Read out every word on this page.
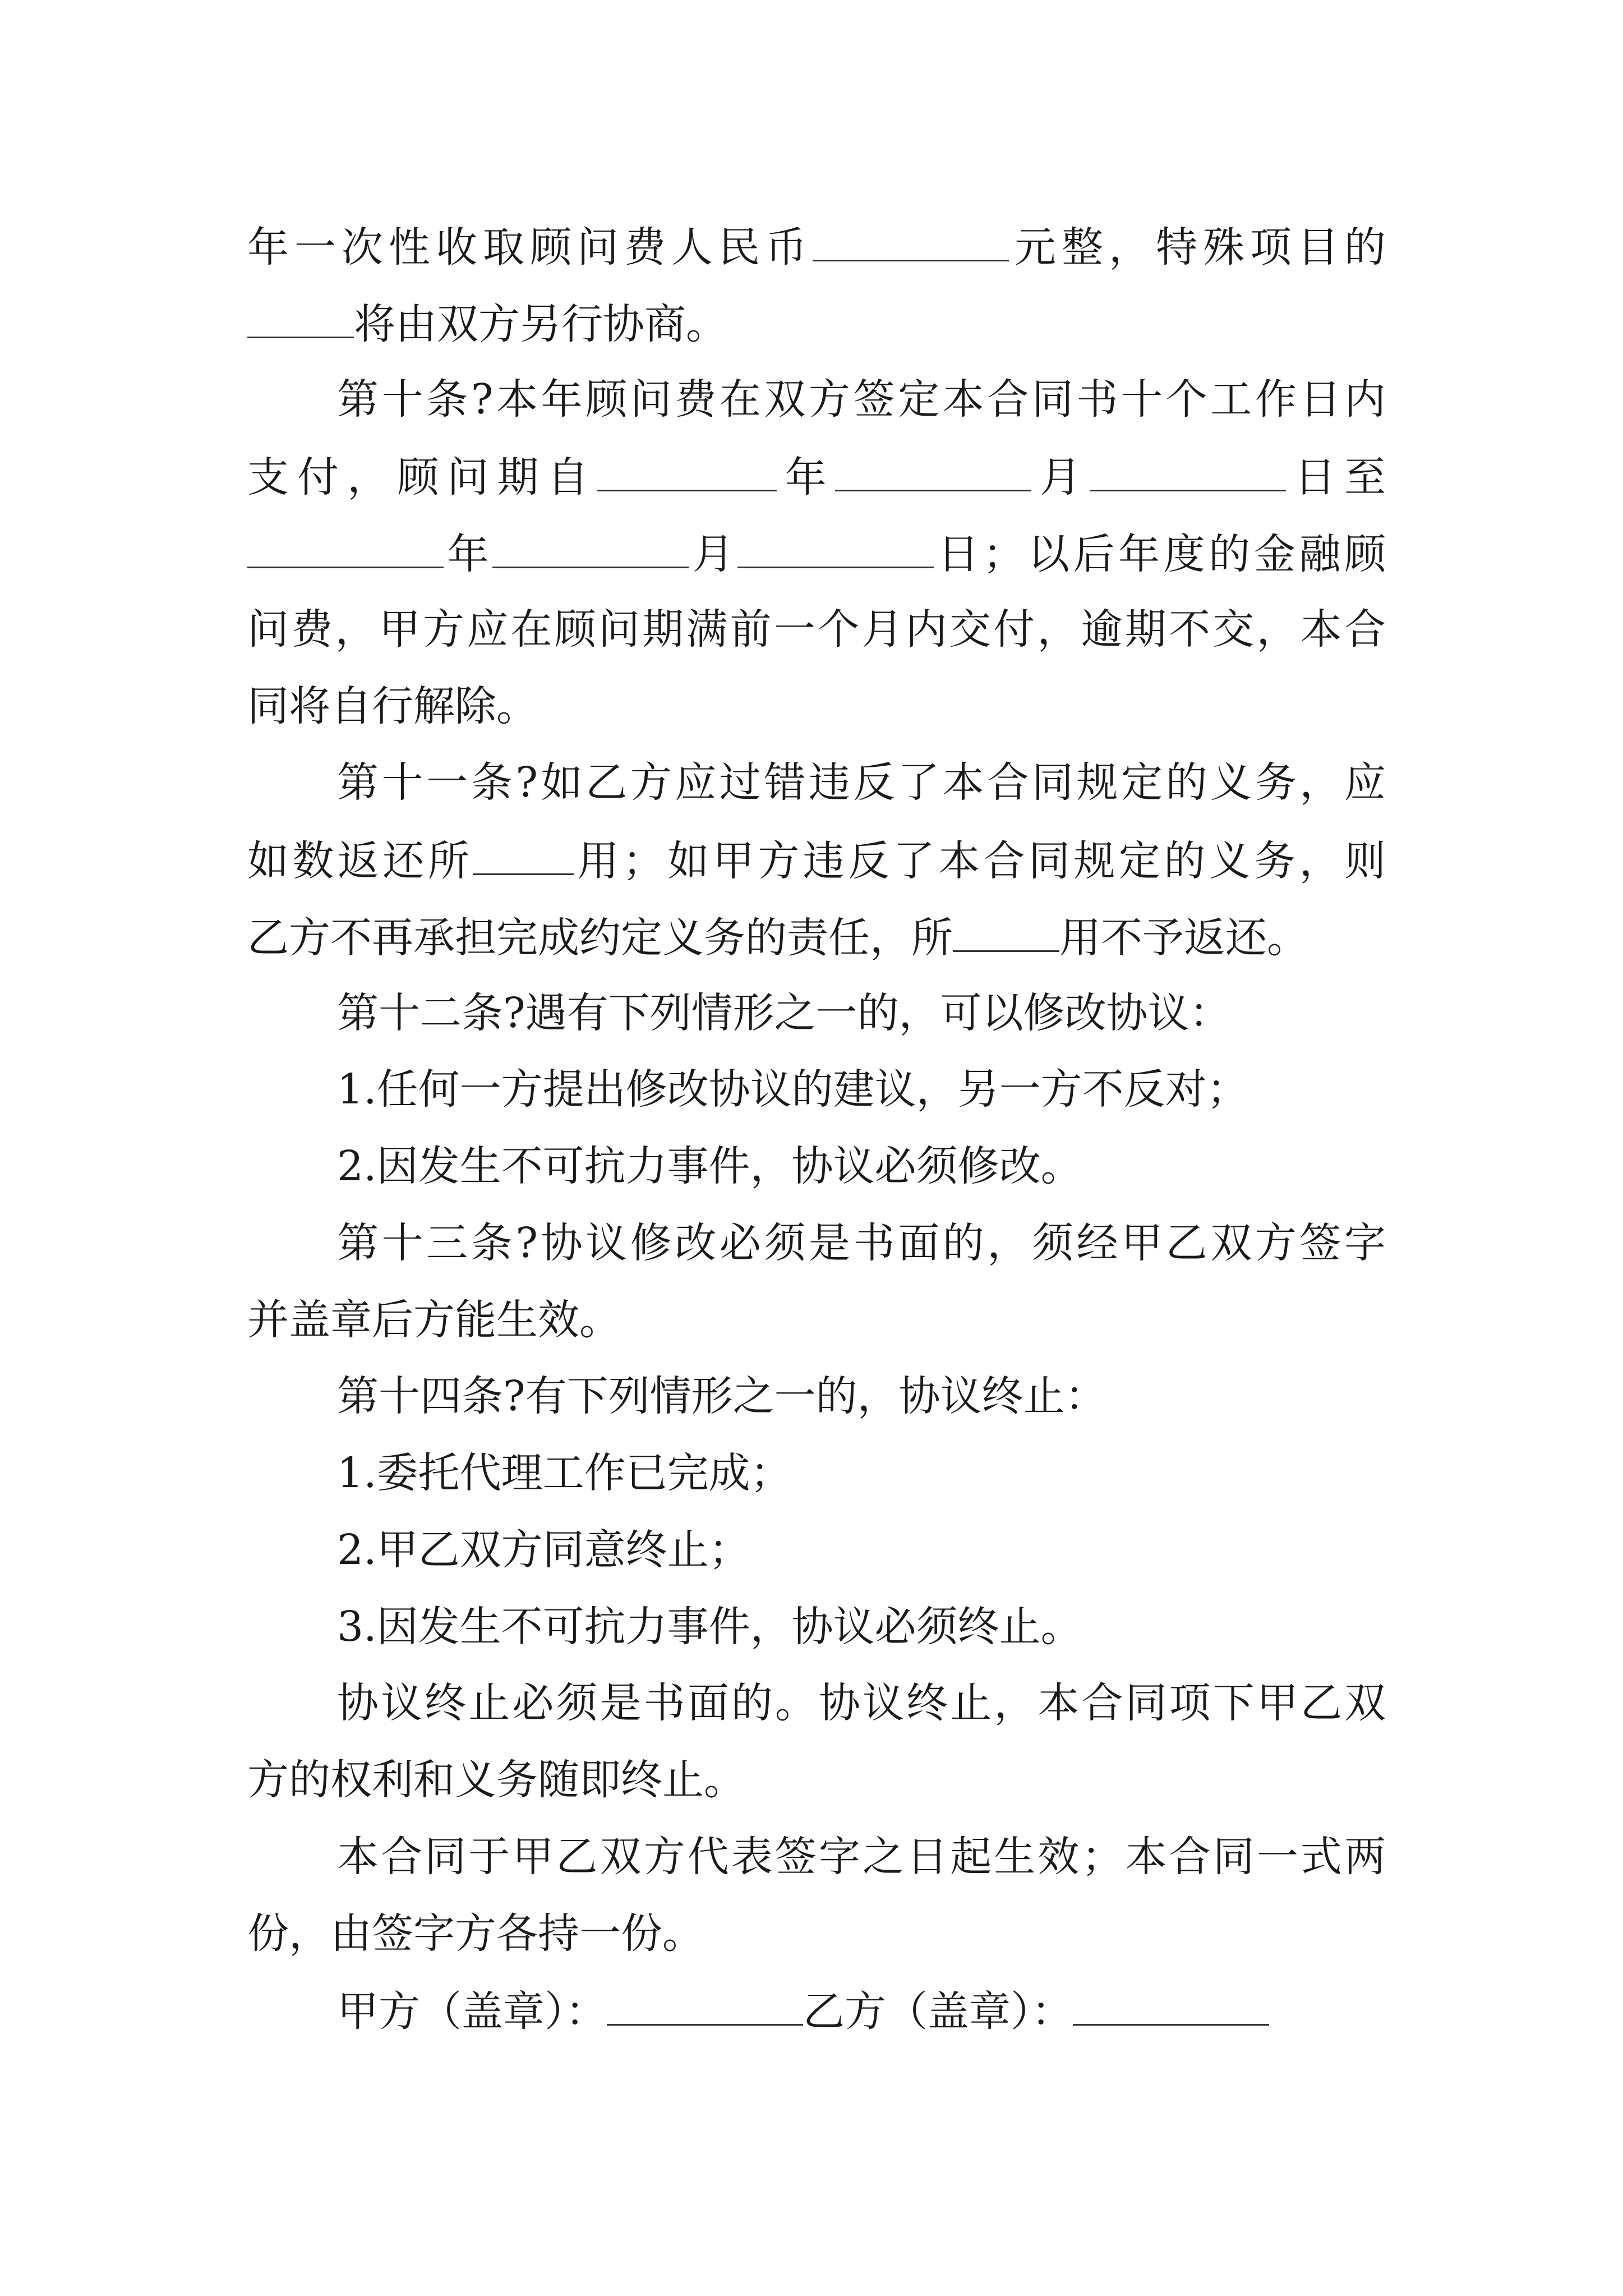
年一次性收取顾问费人民币	元整，特殊项目的
将由双方另行协商。
第十条?本年顾问费在双方签定本合同书十个工作日内
支付，顾问期自	年	月	日至
年	月	日；以后年度的金融顾
问费，甲方应在顾问期满前一个月内交付，逾期不交，本合
同将自行解除。
第十一条?如乙方应过错违反了本合同规定的义务，应
如数返还所 用；如甲方违反了本合同规定的义务，则
乙方不再承担完成约定义务的责任，所	用不予返还。
第十二条?遇有下列情形之一的，可以修改协议：
1.任何一方提出修改协议的建议，另一方不反对；
2.因发生不可抗力事件，协议必须修改。
第十三条?协议修改必须是书面的，须经甲乙双方签字
并盖章后方能生效。
第十四条?有下列情形之一的，协议终止：
1.委托代理工作已完成；
2.甲乙双方同意终止；
3.因发生不可抗力事件，协议必须终止。
协议终止必须是书面的。协议终止，本合同项下甲乙双
方的权利和义务随即终止。
本合同于甲乙双方代表签字之日起生效；本合同一式两
份，由签字方各持一份。
甲方（盖章）：	乙方（盖章）：
